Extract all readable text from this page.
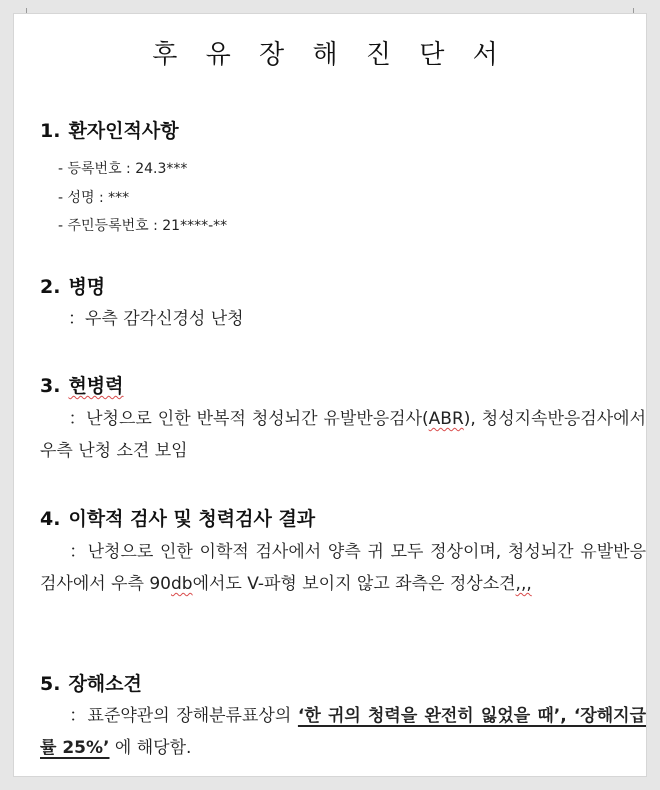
후 유 장 해 진 단 서
1. 환자인적사항
- 등록번호 : 24.3***
- 성명 : ***
- 주민등록번호 : 21****-**
2. 병명
：우측 감각신경성 난청
3. 현병력
：난청으로 인한 반복적 청성뇌간 유발반응검사(ABR), 청성지속반응검사에서 우측 난청 소견 보임
4. 이학적 검사 및 청력검사 결과
：난청으로 인한 이학적 검사에서 양측 귀 모두 정상이며, 청성뇌간 유발반응검사에서 우측 90db에서도 V-파형 보이지 않고 좌측은 정상소견,,,
5. 장해소견
：표준약관의 장해분류표상의 ‘한 귀의 청력을 완전히 잃었을 때’, ‘장해지급률 25%’ 에 해당함.
